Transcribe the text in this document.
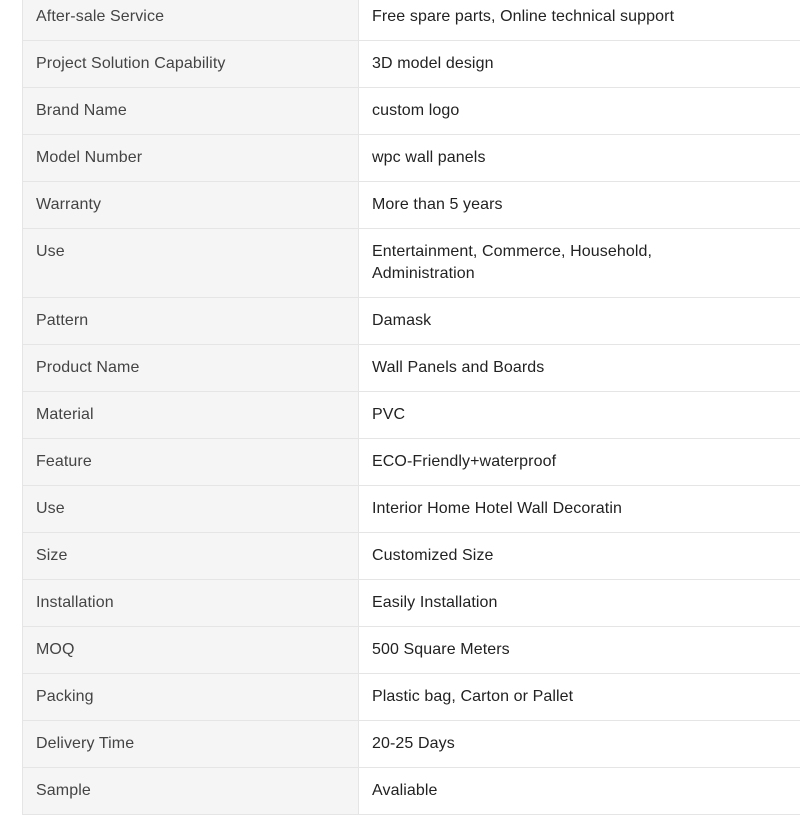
After-sale Service	Free spare parts, Online technical support
Project Solution Capability	3D model design
Brand Name	custom logo
Model Number	wpc wall panels
Warranty	More than 5 years
Use	Entertainment, Commerce, Household, Administration
Pattern	Damask
Product Name	Wall Panels and Boards
Material	PVC
Feature	ECO-Friendly+waterproof
Use	Interior Home Hotel Wall Decoratin
Size	Customized Size
Installation	Easily Installation
MOQ	500 Square Meters
Packing	Plastic bag, Carton or Pallet
Delivery Time	20-25 Days
Sample	Avaliable
